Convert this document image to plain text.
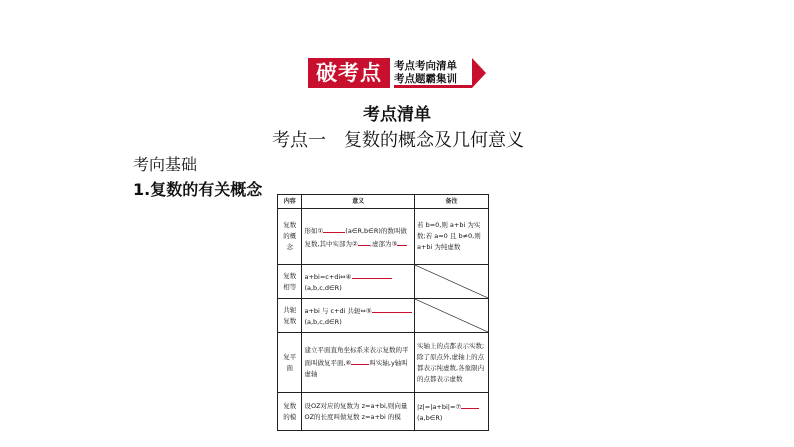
破考点	考点考向清单
考点题霸集训
考点清单
考点一 复数的概念及几何意义
考向基础
1.复数的有关概念
内容	意义	备注
复数的概念	形如① (a∈R,b∈R)的数叫做复数,其中实部为② ,虚部为③	若 b=0,则 a+bi 为实数;若 a=0 且 b≠0,则 a+bi 为纯虚数
复数相等	a+bi=c+di⇔④(a,b,c,d∈R)	

共轭复数	a+bi 与 c+di 共轭⇔⑤(a,b,c,d∈R)	

复平面	建立平面直角坐标系来表示复数的平面叫做复平面,⑥ 叫实轴,y轴叫虚轴	实轴上的点都表示实数;除了原点外,虚轴上的点都表示纯虚数,各象限内的点都表示虚数
复数的模	设OZ对应的复数为 z=a+bi,则向量OZ的长度叫做复数 z=a+bi 的模	|z|=|a+bi|=⑦(a,b∈R)
